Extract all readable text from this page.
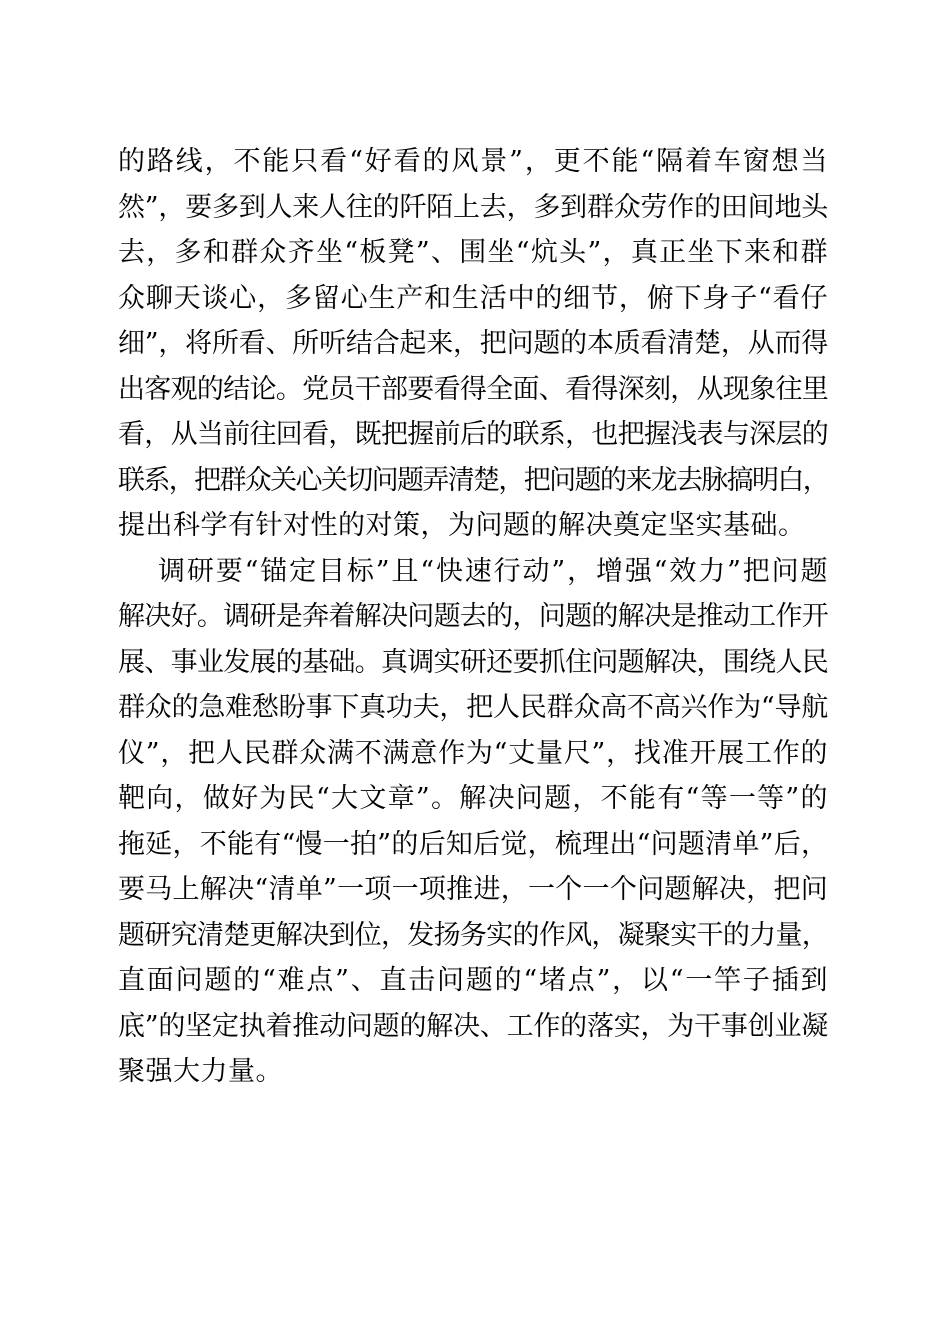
的路线，不能只看“好看的风景”，更不能“隔着车窗想当
然”，要多到人来人往的阡陌上去，多到群众劳作的田间地头
去，多和群众齐坐“板凳”、围坐“炕头”，真正坐下来和群
众聊天谈心，多留心生产和生活中的细节，俯下身子“看仔
细”，将所看、所听结合起来，把问题的本质看清楚，从而得
出客观的结论。党员干部要看得全面、看得深刻，从现象往里
看，从当前往回看，既把握前后的联系，也把握浅表与深层的
联系，把群众关心关切问题弄清楚，把问题的来龙去脉搞明白，
提出科学有针对性的对策，为问题的解决奠定坚实基础。
调研要“锚定目标”且“快速行动”，增强“效力”把问题
解决好。调研是奔着解决问题去的，问题的解决是推动工作开
展、事业发展的基础。真调实研还要抓住问题解决，围绕人民
群众的急难愁盼事下真功夫，把人民群众高不高兴作为“导航
仪”，把人民群众满不满意作为“丈量尺”，找准开展工作的
靶向，做好为民“大文章”。解决问题，不能有“等一等”的
拖延，不能有“慢一拍”的后知后觉，梳理出“问题清单”后，
要马上解决“清单”一项一项推进，一个一个问题解决，把问
题研究清楚更解决到位，发扬务实的作风，凝聚实干的力量，
直面问题的“难点”、直击问题的“堵点”，以“一竿子插到
底”的坚定执着推动问题的解决、工作的落实，为干事创业凝
聚强大力量。
